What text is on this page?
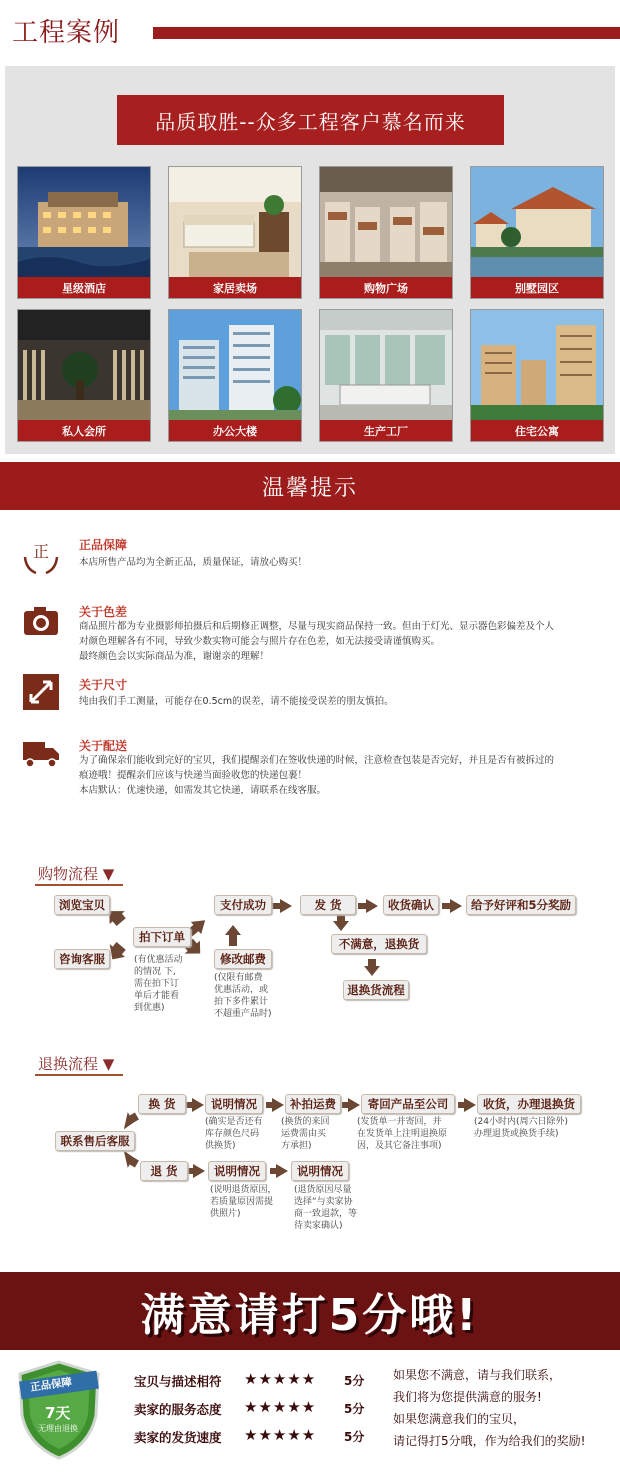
工程案例
品质取胜--众多工程客户慕名而来
星级酒店	家居卖场	购物广场	别墅园区
私人会所	办公大楼	生产工厂	住宅公寓
温馨提示
正 正品保障
本店所售产品均为全新正品，质量保证，请放心购买！
关于色差
商品照片都为专业摄影师拍摄后和后期修正调整，尽量与现实商品保持一致。但由于灯光、显示器色彩偏差及个人
对颜色理解各有不同，导致少数实物可能会与照片存在色差，如无法接受请谨慎购买。
最终颜色会以实际商品为准，谢谢亲的理解！
关于尺寸
纯由我们手工测量，可能存在0.5cm的误差，请不能接受误差的朋友慎拍。
关于配送
为了确保亲们能收到完好的宝贝，我们提醒亲们在签收快递的时候，注意检查包装是否完好，并且是否有被拆过的
痕迹哦！提醒亲们应该与快递当面验收您的快递包裹！
本店默认：优速快递，如需发其它快递，请联系在线客服。
购物流程 ▼
浏览宝贝
咨询客服
拍下订单
支付成功
修改邮费
发 货	收货确认	给予好评和5分奖励
不满意，退换货
退换货流程
(有优惠活动
的情况 下,
需在拍下订
单后才能看
到优惠)
(仅限有邮费
优惠活动，或
拍下多件累计
不超重产品时)
退换流程 ▼
联系售后客服
换 货
退 货
说明情况	补拍运费	寄回产品至公司	收货，办理退换货
说明情况	说明情况
(确实是否还有
库存颜色尺码
供换货)
(换货的来回
运费需由买
方承担)
(发货单一并寄回，并
在发货单上注明退换原
因，及其它备注事项)
(24小时内(周六日除外)
办理退货或换货手续)
(说明退货原因，
若质量原因需提
供照片)
(退货原因尽量
选择“与卖家协
商一致退款，等
待卖家确认)
满意请打5分哦!
正品保障
7天
无理由退换
宝贝与描述相符 ★★★★★ 5分
卖家的服务态度 ★★★★★ 5分
卖家的发货速度 ★★★★★ 5分
如果您不满意，请与我们联系，
我们将为您提供满意的服务!
如果您满意我们的宝贝，
请记得打5分哦，作为给我们的奖励!
